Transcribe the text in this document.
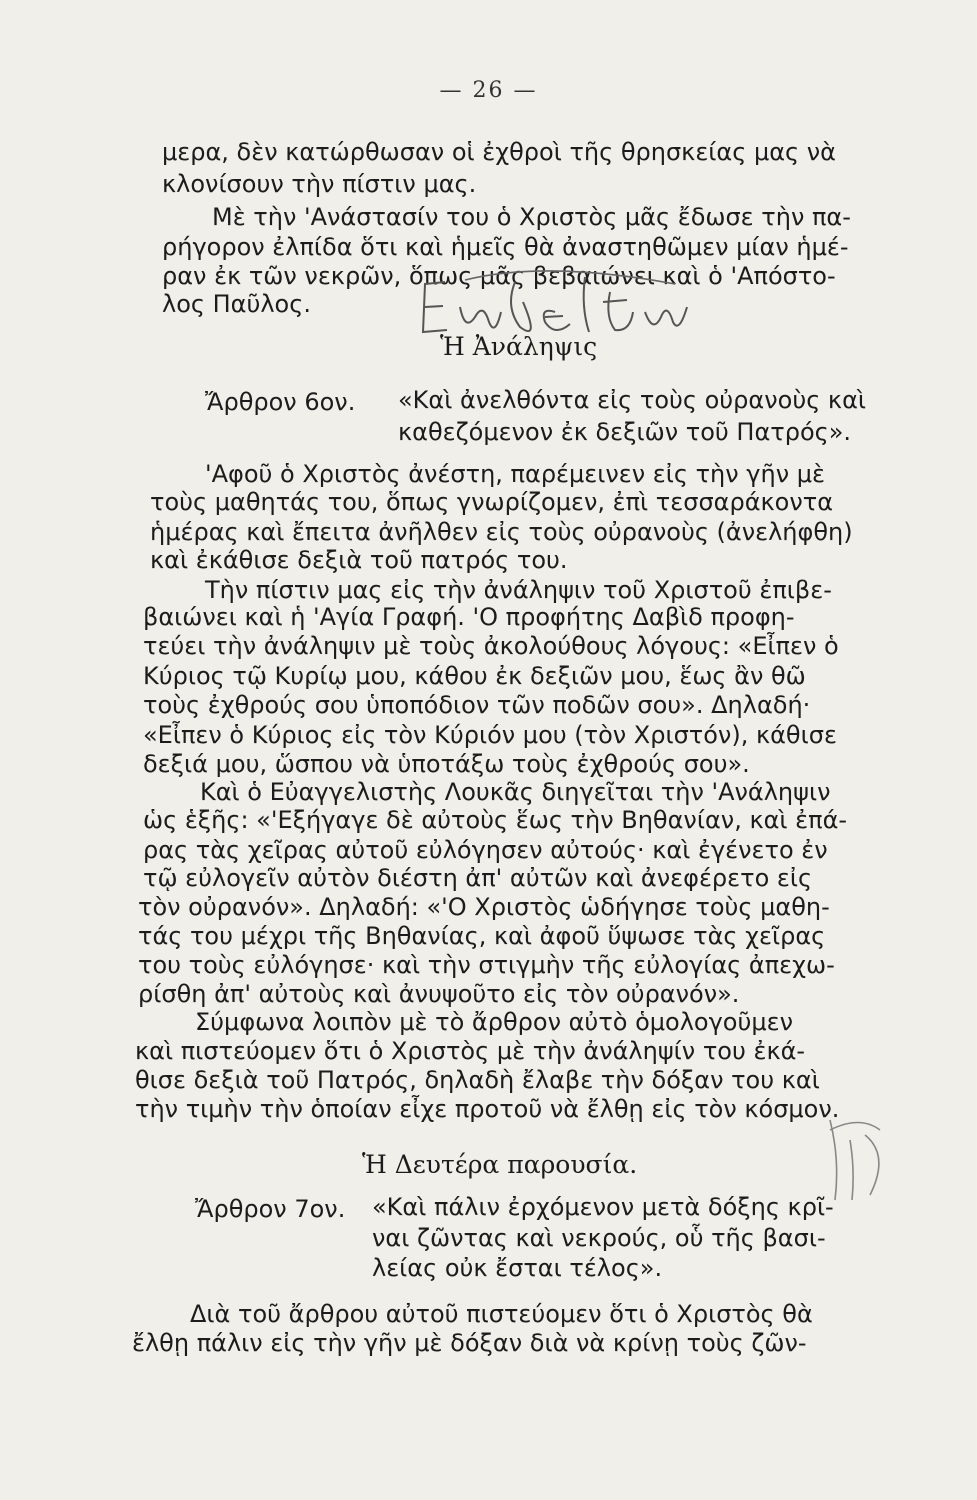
— 26 —
μερα, δὲν κατώρθωσαν οἱ ἐχθροὶ τῆς θρησκείας μας νὰ
κλονίσουν τὴν πίστιν μας.
Μὲ τὴν 'Ανάστασίν του ὁ Χριστὸς μᾶς ἔδωσε τὴν πα-
ρήγορον ἐλπίδα ὅτι καὶ ἡμεῖς θὰ ἀναστηθῶμεν μίαν ἡμέ-
ραν ἐκ τῶν νεκρῶν, ὅπως μᾶς βεβαιώνει καὶ ὁ 'Απόστο-
λος Παῦλος.
Ἡ Ἀνάληψις
Ἄρθρον 6ον. «Καὶ ἀνελθόντα εἰς τοὺς οὐρανοὺς καὶ
καθεζόμενον ἐκ δεξιῶν τοῦ Πατρός».
'Αφοῦ ὁ Χριστὸς ἀνέστη, παρέμεινεν εἰς τὴν γῆν μὲ
τοὺς μαθητάς του, ὅπως γνωρίζομεν, ἐπὶ τεσσαράκοντα
ἡμέρας καὶ ἔπειτα ἀνῆλθεν εἰς τοὺς οὐρανοὺς (ἀνελήφθη)
καὶ ἐκάθισε δεξιὰ τοῦ πατρός του.
Τὴν πίστιν μας εἰς τὴν ἀνάληψιν τοῦ Χριστοῦ ἐπιβε-
βαιώνει καὶ ἡ 'Αγία Γραφή. 'Ο προφήτης Δαβὶδ προφη-
τεύει τὴν ἀνάληψιν μὲ τοὺς ἀκολούθους λόγους: «Εἶπεν ὁ
Κύριος τῷ Κυρίῳ μου, κάθου ἐκ δεξιῶν μου, ἕως ἂν θῶ
τοὺς ἐχθρούς σου ὑποπόδιον τῶν ποδῶν σου». Δηλαδή·
«Εἶπεν ὁ Κύριος εἰς τὸν Κύριόν μου (τὸν Χριστόν), κάθισε
δεξιά μου, ὥσπου νὰ ὑποτάξω τοὺς ἐχθρούς σου».
Καὶ ὁ Εὐαγγελιστὴς Λουκᾶς διηγεῖται τὴν 'Ανάληψιν
ὡς ἑξῆς: «'Εξήγαγε δὲ αὐτοὺς ἕως τὴν Βηθανίαν, καὶ ἐπά-
ρας τὰς χεῖρας αὐτοῦ εὐλόγησεν αὐτούς· καὶ ἐγένετο ἐν
τῷ εὐλογεῖν αὐτὸν διέστη ἀπ' αὐτῶν καὶ ἀνεφέρετο εἰς
τὸν οὐρανόν». Δηλαδή: «'Ο Χριστὸς ὡδήγησε τοὺς μαθη-
τάς του μέχρι τῆς Βηθανίας, καὶ ἀφοῦ ὕψωσε τὰς χεῖρας
του τοὺς εὐλόγησε· καὶ τὴν στιγμὴν τῆς εὐλογίας ἀπεχω-
ρίσθη ἀπ' αὐτοὺς καὶ ἀνυψοῦτο εἰς τὸν οὐρανόν».
Σύμφωνα λοιπὸν μὲ τὸ ἄρθρον αὐτὸ ὁμολογοῦμεν
καὶ πιστεύομεν ὅτι ὁ Χριστὸς μὲ τὴν ἀνάληψίν του ἐκά-
θισε δεξιὰ τοῦ Πατρός, δηλαδὴ ἔλαβε τὴν δόξαν του καὶ
τὴν τιμὴν τὴν ὁποίαν εἶχε προτοῦ νὰ ἔλθῃ εἰς τὸν κόσμον.
Ἡ Δευτέρα παρουσία.
Ἄρθρον 7ον. «Καὶ πάλιν ἐρχόμενον μετὰ δόξης κρῖ-
ναι ζῶντας καὶ νεκρούς, οὗ τῆς βασι-
λείας οὐκ ἔσται τέλος».
Διὰ τοῦ ἄρθρου αὐτοῦ πιστεύομεν ὅτι ὁ Χριστὸς θὰ
ἔλθῃ πάλιν εἰς τὴν γῆν μὲ δόξαν διὰ νὰ κρίνῃ τοὺς ζῶν-
